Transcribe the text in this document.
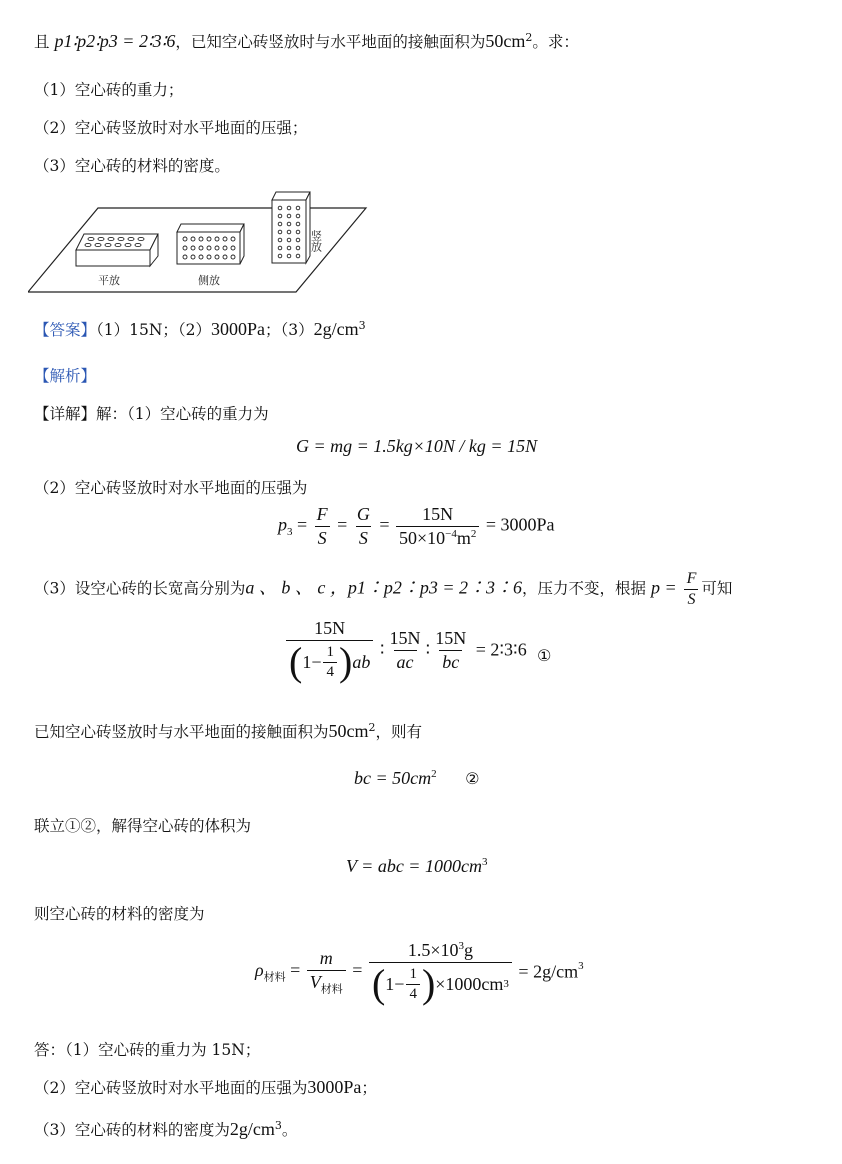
且 p1∶p2∶p3 = 2∶3∶6，已知空心砖竖放时与水平地面的接触面积为$50cm^2$。求：
（1）空心砖的重力；
（2）空心砖竖放时对水平地面的压强；
（3）空心砖的材料的密度。
平放	侧放
竖放
【答案】（1）15N；（2）3000Pa；$(3)2g/cm^3$
【解析】
【详解】解：（1）空心砖的重力为
G = mg = 1.5kg×10N / kg = 15N
（2）空心砖竖放时对水平地面的压强为
$p_3 = \frac{F}{S} = \frac{G}{S} = \frac{15N}{50\times 10^{-4}m^2} = 3000Pa$
（3）设空心砖的长宽高分别为a 、 b 、 c ，p1∶p2∶p3 = 2∶3∶6，压力不变，根据 $p = \frac{F}{S}$ 可知
$\frac{15N}{( 1- \frac{1}{4} ) ab}$ ∶ $\frac{15N}{ac}$ ∶ $\frac{15N}{bc}$ = 2∶3∶6 ①
已知空心砖竖放时与水平地面的接触面积为$50cm^2$，则有
bc = $50cm^2$ ②
联立①②，解得空心砖的体积为
V = abc = $1000cm^3$
则空心砖的材料的密度为
$\rho_{材料} = \frac{m}{V_{材料}} = \frac{1.5\times 10^3g}{( 1- \frac{1}{4} ) \times 1000cm 3} = 2g/cm^3$
答：（1）空心砖的重力为 15N；
（2）空心砖竖放时对水平地面的压强为3000Pa；
（3）空心砖的材料的密度为$2g/cm^3$。
